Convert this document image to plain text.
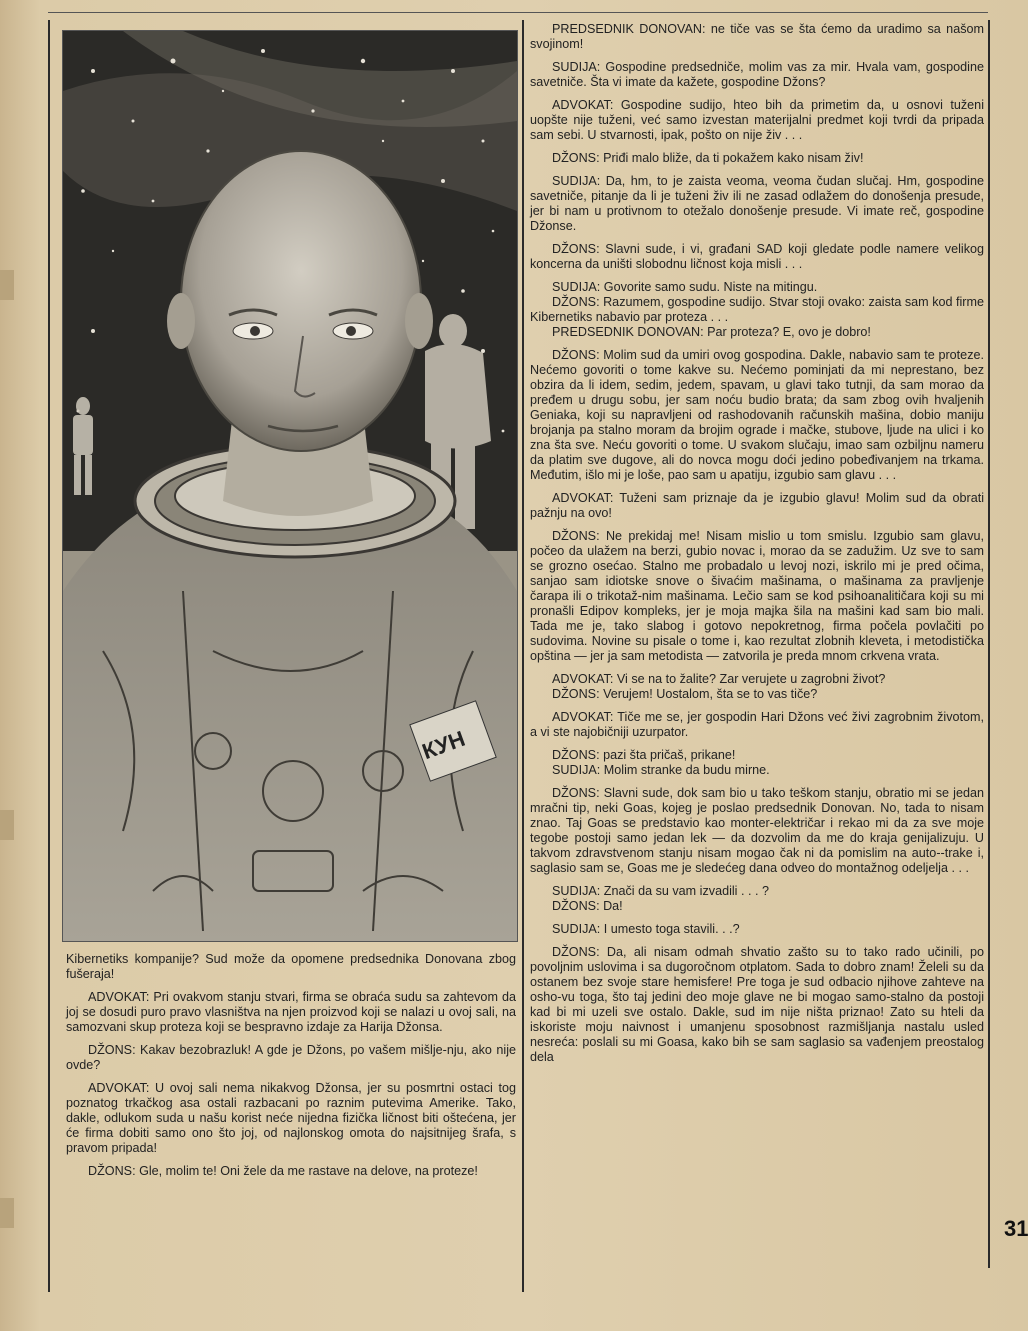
КУН

Kibernetiks kompanije? Sud može da opomene predsednika Donovana zbog fušeraja!

ADVOKAT: Pri ovakvom stanju stvari, firma se obraća sudu sa zahtevom da joj se dosudi puro pravo vlasništva na njen proizvod koji se nalazi u ovoj sali, na samozvani skup proteza koji se bespravno izdaje za Harija Džonsa.

DŽONS: Kakav bezobrazluk! A gde je Džons, po vašem mišlje-nju, ako nije ovde?

ADVOKAT: U ovoj sali nema nikakvog Džonsa, jer su posmrtni ostaci tog poznatog trkačkog asa ostali razbacani po raznim putevima Amerike. Tako, dakle, odlukom suda u našu korist neće nijedna fizička ličnost biti oštećena, jer će firma dobiti samo ono što joj, od najlonskog omota do najsitnijeg šrafa, s pravom pripada!

DŽONS: Gle, molim te! Oni žele da me rastave na delove, na proteze!

PREDSEDNIK DONOVAN: ne tiče vas se šta ćemo da uradimo sa našom svojinom!

SUDIJA: Gospodine predsedniče, molim vas za mir. Hvala vam, gospodine savetniče. Šta vi imate da kažete, gospodine Džons?

ADVOKAT: Gospodine sudijo, hteo bih da primetim da, u osnovi tuženi uopšte nije tuženi, već samo izvestan materijalni predmet koji tvrdi da pripada sam sebi. U stvarnosti, ipak, pošto on nije živ . . .

DŽONS: Priđi malo bliže, da ti pokažem kako nisam živ!

SUDIJA: Da, hm, to je zaista veoma, veoma čudan slučaj. Hm, gospodine savetniče, pitanje da li je tuženi živ ili ne zasad odlažem do donošenja presude, jer bi nam u protivnom to otežalo donošenje presude. Vi imate reč, gospodine Džonse.

DŽONS: Slavni sude, i vi, građani SAD koji gledate podle namere velikog koncerna da uništi slobodnu ličnost koja misli . . .

SUDIJA: Govorite samo sudu. Niste na mitingu.

DŽONS: Razumem, gospodine sudijo. Stvar stoji ovako: zaista sam kod firme Kibernetiks nabavio par proteza . . .

PREDSEDNIK DONOVAN: Par proteza? E, ovo je dobro!

DŽONS: Molim sud da umiri ovog gospodina. Dakle, nabavio sam te proteze. Nećemo govoriti o tome kakve su. Nećemo pominjati da mi neprestano, bez obzira da li idem, sedim, jedem, spavam, u glavi tako tutnji, da sam morao da pređem u drugu sobu, jer sam noću budio brata; da sam zbog ovih hvaljenih Geniaka, koji su napravljeni od rashodovanih računskih mašina, dobio maniju brojanja pa stalno moram da brojim ograde i mačke, stubove, ljude na ulici i ko zna šta sve. Neću govoriti o tome. U svakom slučaju, imao sam ozbiljnu nameru da platim sve dugove, ali do novca mogu doći jedino pobeđivanjem na trkama. Međutim, išlo mi je loše, pao sam u apatiju, izgubio sam glavu . . .

ADVOKAT: Tuženi sam priznaje da je izgubio glavu! Molim sud da obrati pažnju na ovo!

DŽONS: Ne prekidaj me! Nisam mislio u tom smislu. Izgubio sam glavu, počeo da ulažem na berzi, gubio novac i, morao da se zadužim. Uz sve to sam se grozno osećao. Stalno me probadalo u levoj nozi, iskrilo mi je pred očima, sanjao sam idiotske snove o šivaćim mašinama, o mašinama za pravljenje čarapa ili o trikotaž-nim mašinama. Lečio sam se kod psihoanalitičara koji su mi pronašli Edipov kompleks, jer je moja majka šila na mašini kad sam bio mali. Tada me je, tako slabog i gotovo nepokretnog, firma počela povlačiti po sudovima. Novine su pisale o tome i, kao rezultat zlobnih kleveta, i metodistička opština — jer ja sam metodista — zatvorila je preda mnom crkvena vrata.

ADVOKAT: Vi se na to žalite? Zar verujete u zagrobni život?

DŽONS: Verujem! Uostalom, šta se to vas tiče?

ADVOKAT: Tiče me se, jer gospodin Hari Džons već živi zagrobnim životom, a vi ste najobičniji uzurpator.

DŽONS: pazi šta pričaš, prikane!

SUDIJA: Molim stranke da budu mirne.

DŽONS: Slavni sude, dok sam bio u tako teškom stanju, obratio mi se jedan mračni tip, neki Goas, kojeg je poslao predsednik Donovan. No, tada to nisam znao. Taj Goas se predstavio kao monter-električar i rekao mi da za sve moje tegobe postoji samo jedan lek — da dozvolim da me do kraja genijalizuju. U takvom zdravstvenom stanju nisam mogao čak ni da pomislim na auto--trake i, saglasio sam se, Goas me je sledećeg dana odveo do montažnog odeljelja . . .

SUDIJA: Znači da su vam izvadili . . . ?

DŽONS: Da!

SUDIJA: I umesto toga stavili. . .?

DŽONS: Da, ali nisam odmah shvatio zašto su to tako rado učinili, po povoljnim uslovima i sa dugoročnom otplatom. Sada to dobro znam! Želeli su da ostanem bez svoje stare hemisfere! Pre toga je sud odbacio njihove zahteve na osho-vu toga, što taj jedini deo moje glave ne bi mogao samo-stalno da postoji kad bi mi uzeli sve ostalo. Dakle, sud im nije ništa priznao! Zato su hteli da iskoriste moju naivnost i umanjenu sposobnost razmišljanja nastalu usled nesreća: poslali su mi Goasa, kako bih se sam saglasio sa vađenjem preostalog dela

31
